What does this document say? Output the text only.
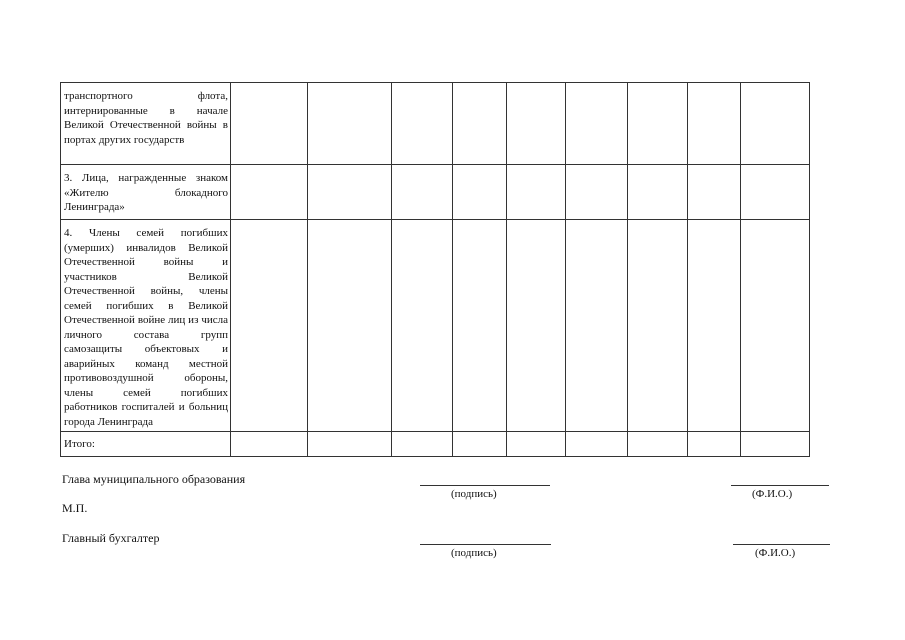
транспортного флота, интернированные в начале Великой Отечественной войны в портах других государств									
3. Лица, награжденные знаком «Жителю блокадного Ленинграда»									
4. Члены семей погибших (умерших) инвалидов Великой Отечественной войны и участников Великой Отечественной войны, члены семей погибших в Великой Отечественной войне лиц из числа личного состава групп самозащиты объектовых и аварийных команд местной противовоздушной обороны, члены семей погибших работников госпиталей и больниц города Ленинграда									
Итого:									
Глава муниципального образования
(подпись)	(Ф.И.О.)
М.П.
Главный бухгалтер
(подпись)	(Ф.И.О.)
